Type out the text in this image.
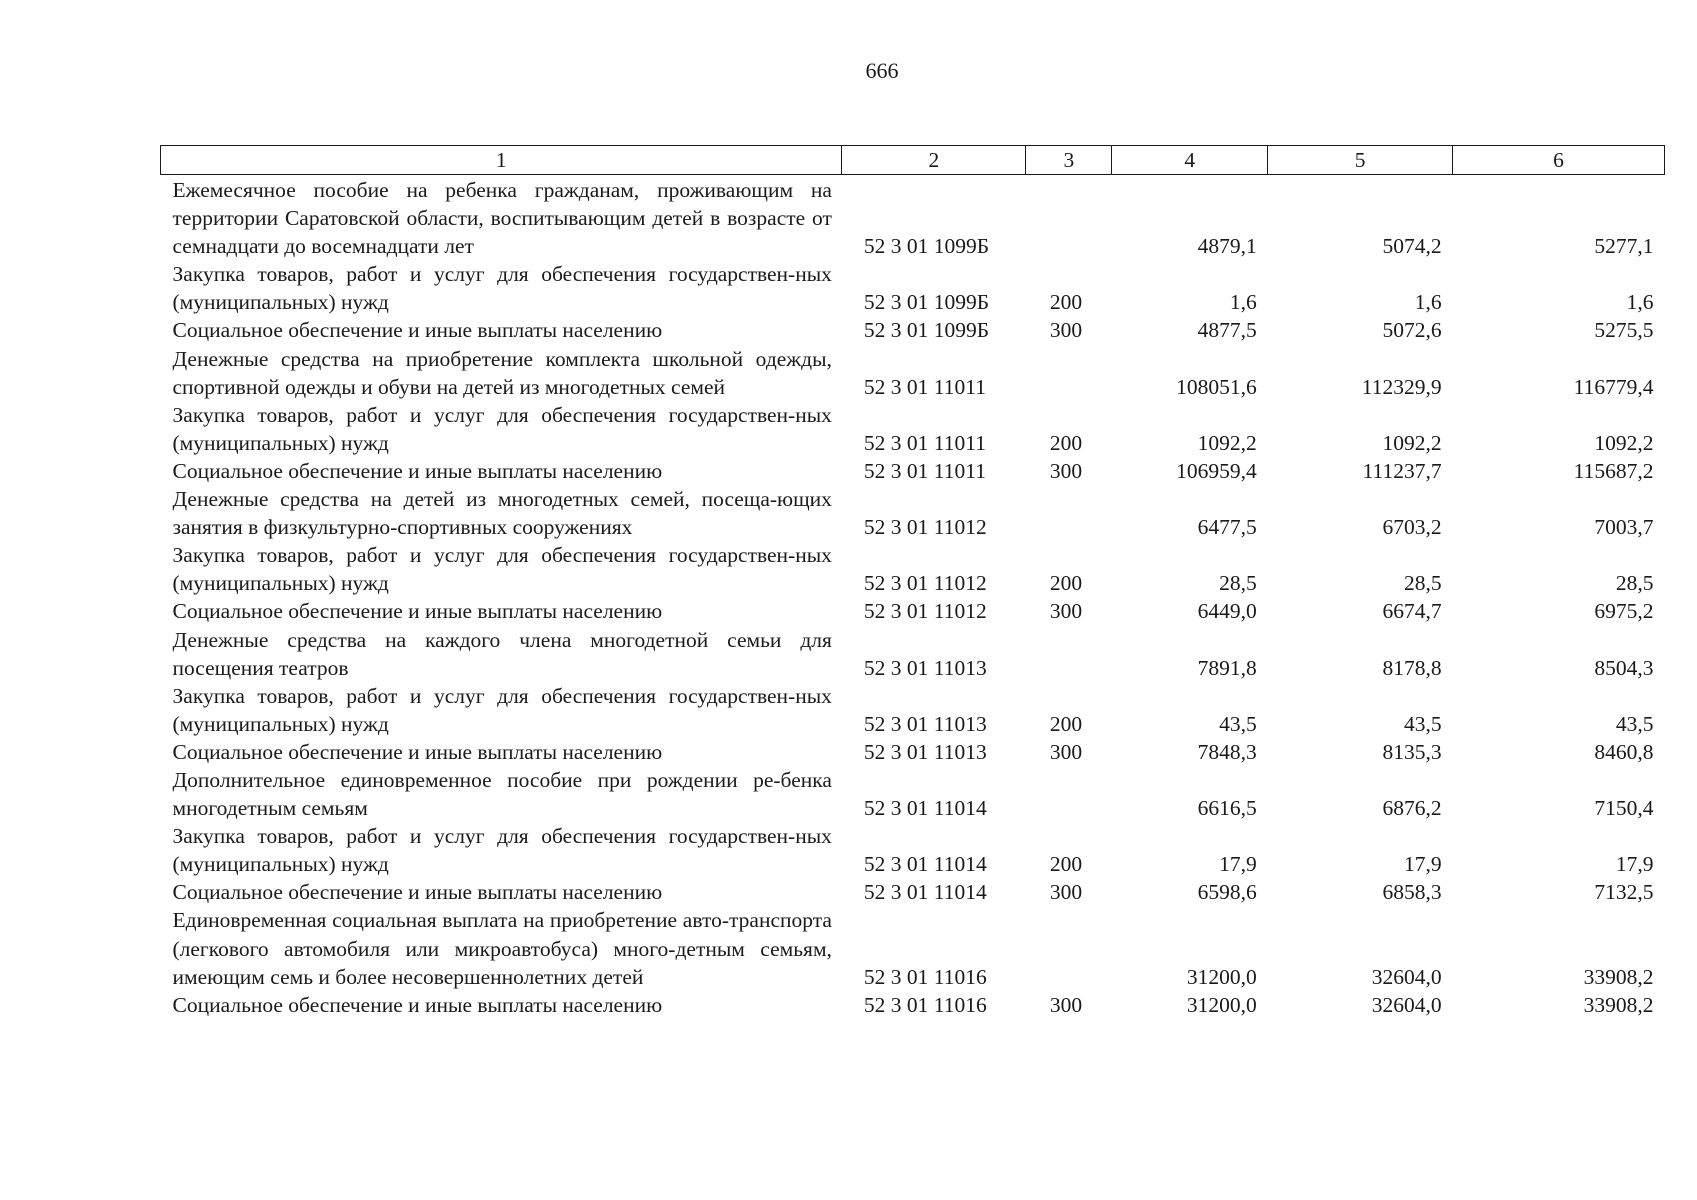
666
1	2	3	4	5	6
Ежемесячное пособие на ребенка гражданам, проживающим на территории Саратовской области, воспитывающим детей в возрасте от семнадцати до восемнадцати лет	52 3 01 1099Б		4879,1	5074,2	5277,1
Закупка товаров, работ и услуг для обеспечения государствен-ных (муниципальных) нужд	52 3 01 1099Б	200	1,6	1,6	1,6
Социальное обеспечение и иные выплаты населению	52 3 01 1099Б	300	4877,5	5072,6	5275,5
Денежные средства на приобретение комплекта школьной одежды, спортивной одежды и обуви на детей из многодетных семей	52 3 01 11011		108051,6	112329,9	116779,4
Закупка товаров, работ и услуг для обеспечения государствен-ных (муниципальных) нужд	52 3 01 11011	200	1092,2	1092,2	1092,2
Социальное обеспечение и иные выплаты населению	52 3 01 11011	300	106959,4	111237,7	115687,2
Денежные средства на детей из многодетных семей, посеща-ющих занятия в физкультурно-спортивных сооружениях	52 3 01 11012		6477,5	6703,2	7003,7
Закупка товаров, работ и услуг для обеспечения государствен-ных (муниципальных) нужд	52 3 01 11012	200	28,5	28,5	28,5
Социальное обеспечение и иные выплаты населению	52 3 01 11012	300	6449,0	6674,7	6975,2
Денежные средства на каждого члена многодетной семьи для посещения театров	52 3 01 11013		7891,8	8178,8	8504,3
Закупка товаров, работ и услуг для обеспечения государствен-ных (муниципальных) нужд	52 3 01 11013	200	43,5	43,5	43,5
Социальное обеспечение и иные выплаты населению	52 3 01 11013	300	7848,3	8135,3	8460,8
Дополнительное единовременное пособие при рождении ре-бенка многодетным семьям	52 3 01 11014		6616,5	6876,2	7150,4
Закупка товаров, работ и услуг для обеспечения государствен-ных (муниципальных) нужд	52 3 01 11014	200	17,9	17,9	17,9
Социальное обеспечение и иные выплаты населению	52 3 01 11014	300	6598,6	6858,3	7132,5
Единовременная социальная выплата на приобретение авто-транспорта (легкового автомобиля или микроавтобуса) много-детным семьям, имеющим семь и более несовершеннолетних детей	52 3 01 11016		31200,0	32604,0	33908,2
Социальное обеспечение и иные выплаты населению	52 3 01 11016	300	31200,0	32604,0	33908,2
